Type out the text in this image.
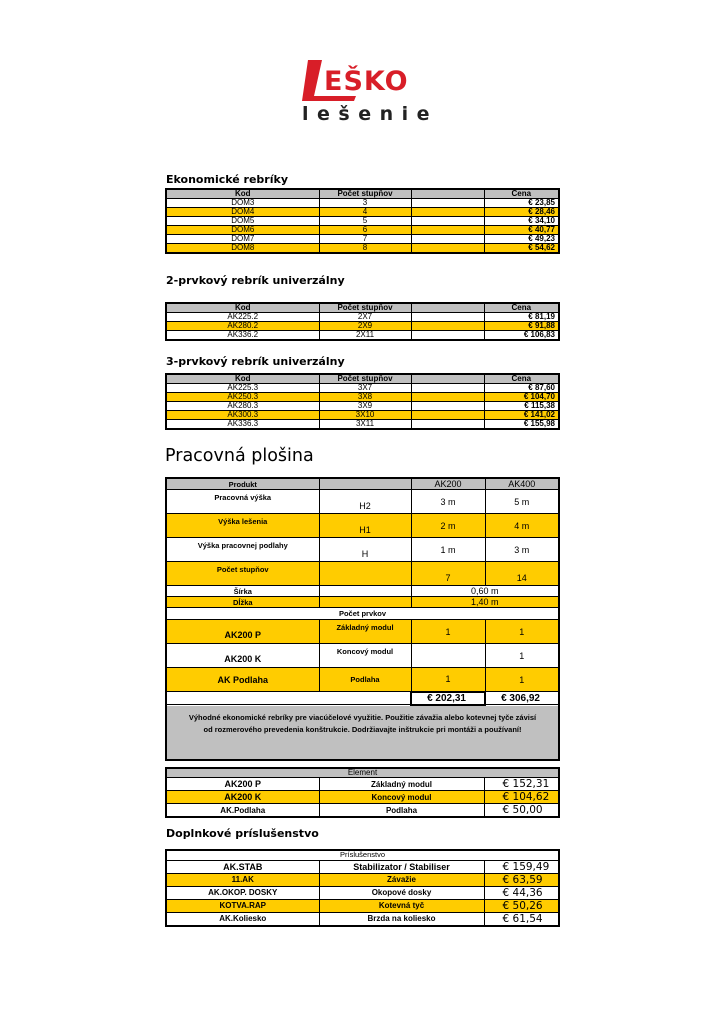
EŠKO
lešenie
Ekonomické rebríky
Kod	Počet stupňov		Cena
DOM3	3		€ 23,85
DOM4	4		€ 28,46
DOM5	5		€ 34,10
DOM6	6		€ 40,77
DOM7	7		€ 49,23
DOM8	8		€ 54,62
2-prvkový rebrík univerzálny
Kod	Počet stupňov		Cena
AK225.2	2X7		€ 81,19
AK280.2	2X9		€ 91,88
AK336.2	2X11		€ 106,83
3-prvkový rebrík univerzálny
Kod	Počet stupňov		Cena
AK225.3	3X7		€ 87,60
AK250.3	3X8		€ 104,70
AK280.3	3X9		€ 115,38
AK300.3	3X10		€ 141,02
AK336.3	3X11		€ 155,98
Pracovná plošina
Produkt		AK200	AK400
Pracovná výška	H2	3 m	5 m
Výška lešenia	H1	2 m	4 m
Výška pracovnej podlahy	H	1 m	3 m
Počet stupňov		7	14
Šírka		0,60 m	
Dĺžka		1,40 m	
Počet prvkov			
AK200 P	Základný modul	1	1
AK200 K	Koncový modul		1
AK Podlaha	Podlaha	1	1
		€ 202,31	€ 306,92

Výhodné ekonomické rebríky pre viacúčelové využitie. Použitie závažia alebo kotevnej tyče závisí
od rozmerového prevedenia konštrukcie. Dodržiavajte inštrukcie pri montáži a používaní!			
Element		
AK200 P	Základný modul	€ 152,31
AK200 K	Koncový modul	€ 104,62
AK.Podlaha	Podlaha	€ 50,00
Doplnkové príslušenstvo
Príslušenstvo		
AK.STAB	Stabilizator / Stabiliser	€ 159,49
11.AK	Závažie	€ 63,59
AK.OKOP. DOSKY	Okopové dosky	€ 44,36
KOTVA.RAP	Kotevná tyč	€ 50,26
AK.Koliesko	Brzda na koliesko	€ 61,54
